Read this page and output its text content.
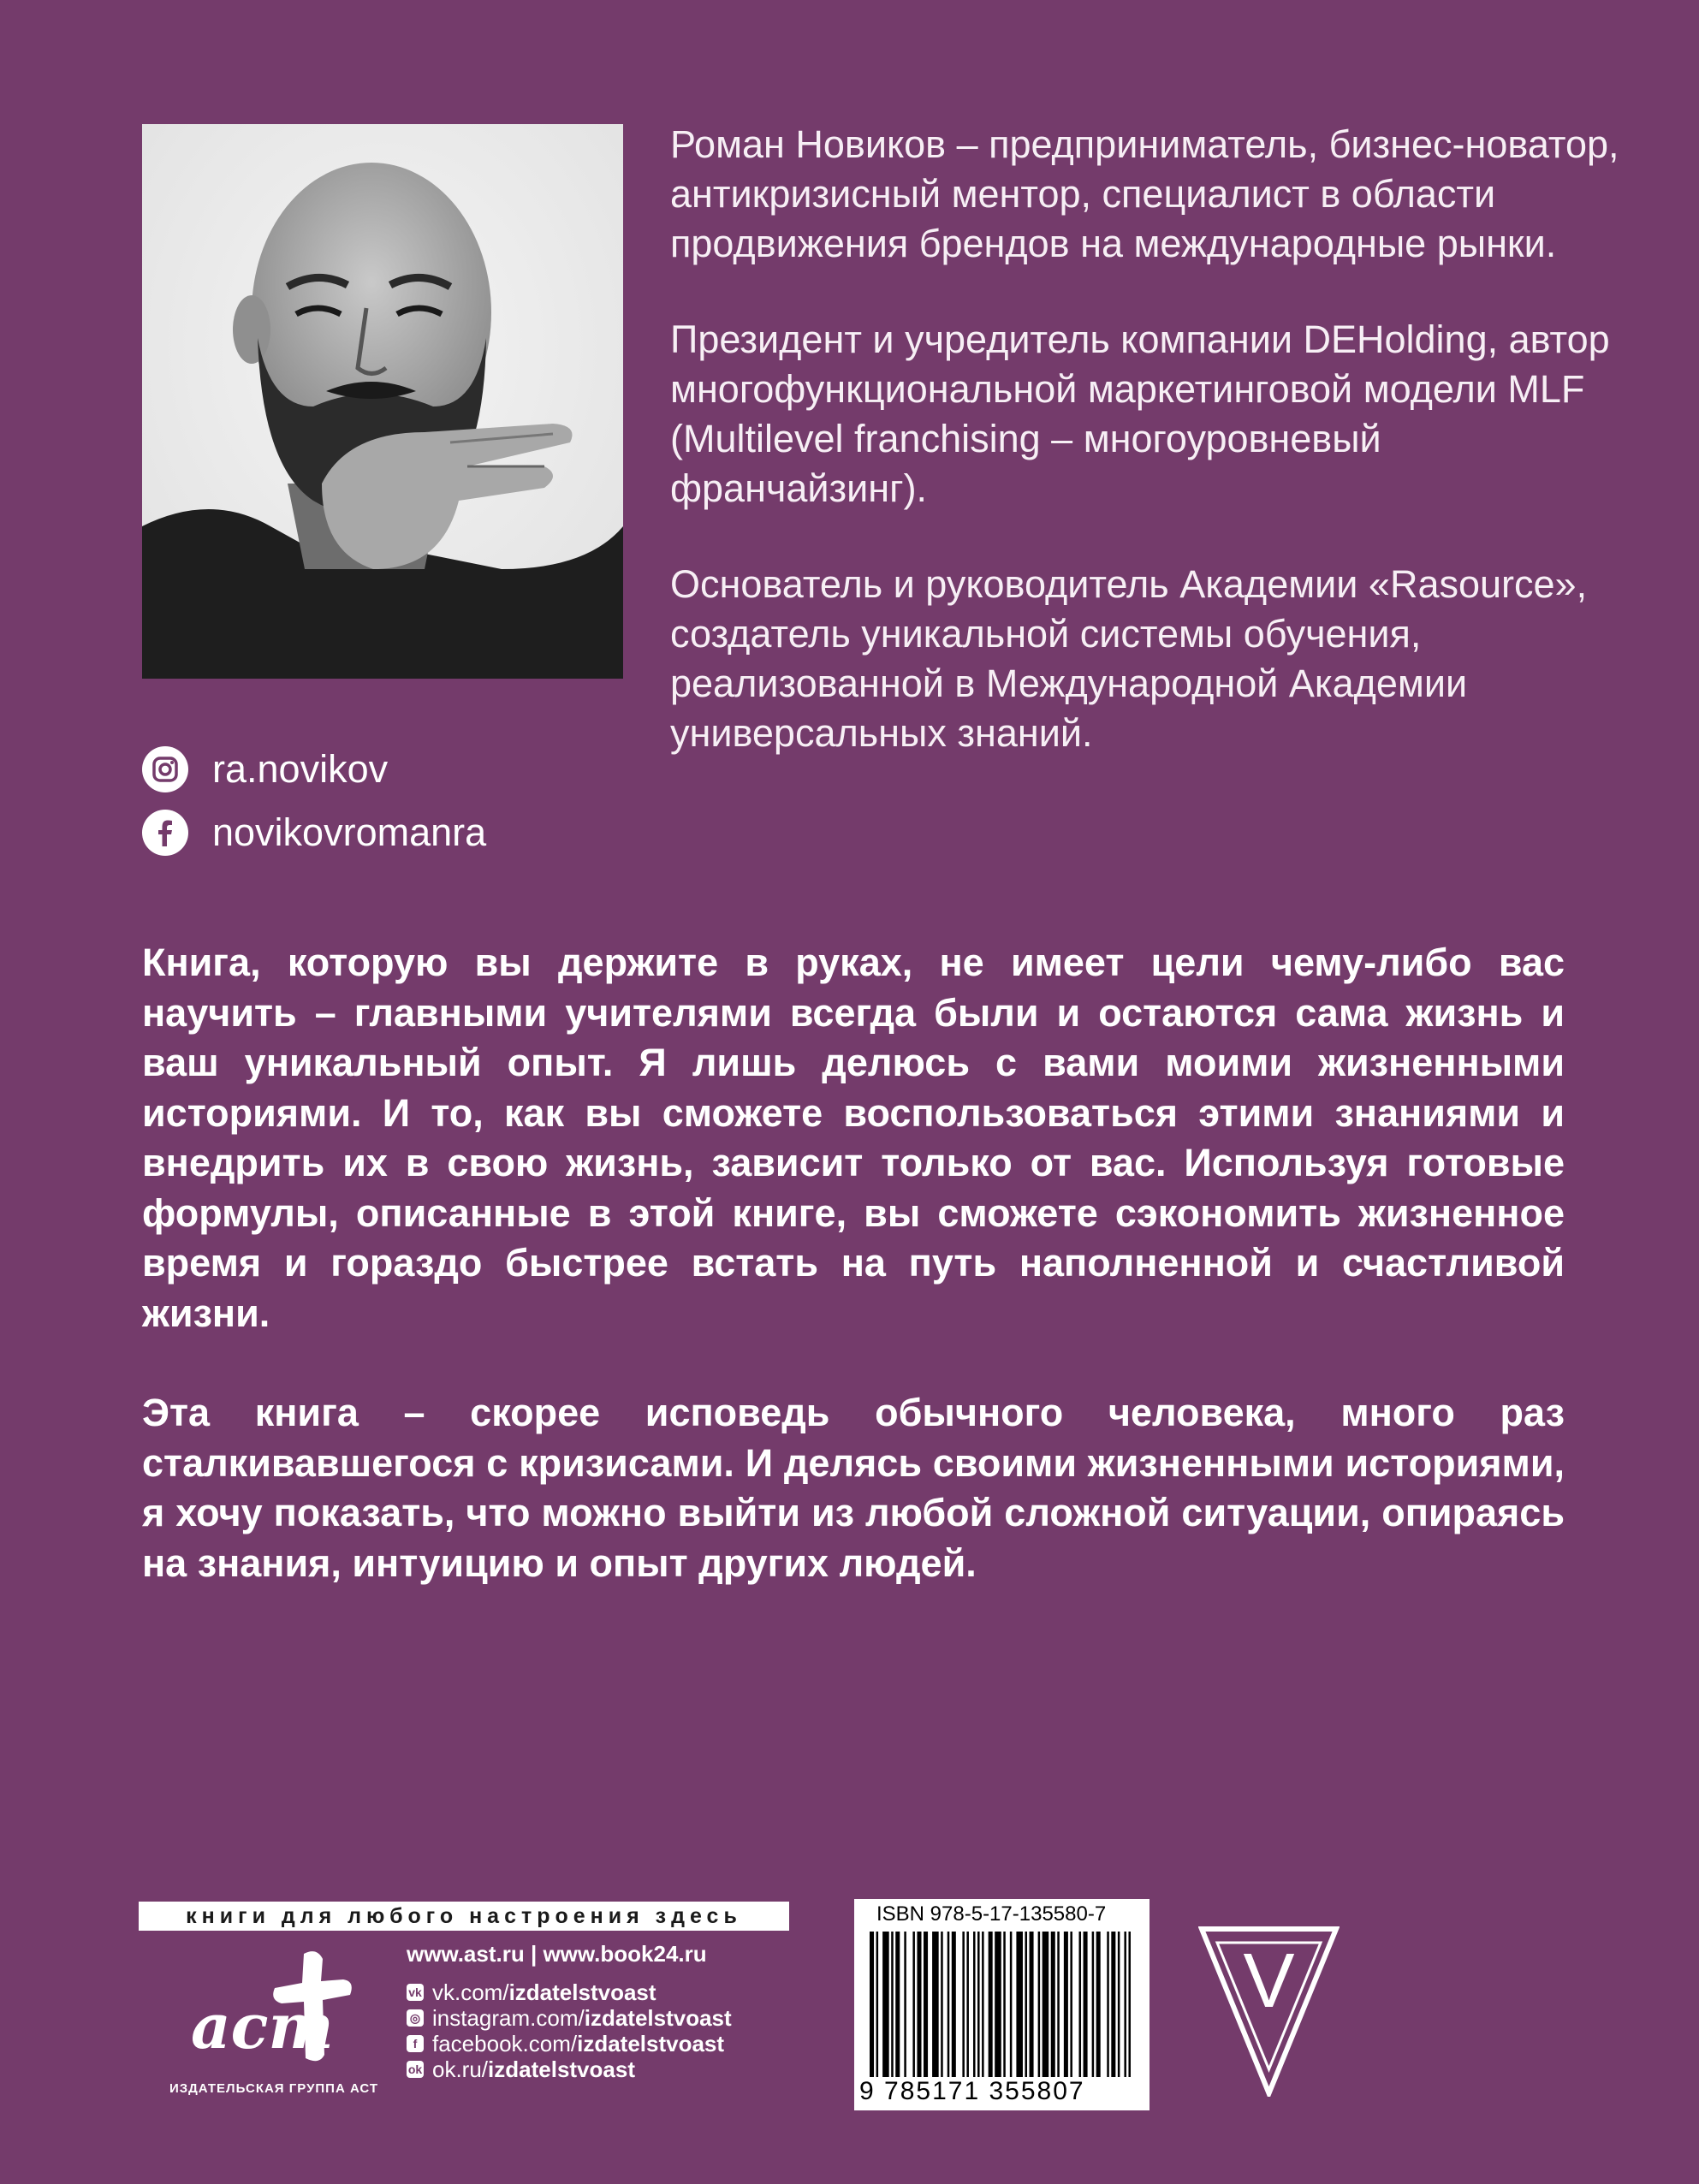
Роман Новиков – предприниматель, бизнес-новатор, антикризисный ментор, специалист в области продвижения брендов на международные рынки.

Президент и учредитель компании DEHolding, автор многофункциональной маркетинговой модели MLF (Multilevel franchising – многоуровневый франчайзинг).

Основатель и руководитель Академии «Rasource», создатель уникальной системы обучения, реализованной в Международной Академии универсальных знаний.

ra.novikov
novikovromanra

Книга, которую вы держите в руках, не имеет цели чему-либо вас научить – главными учителями всегда были и остаются сама жизнь и ваш уникальный опыт. Я лишь делюсь с вами моими жизненными историями. И то, как вы сможете воспользоваться этими знаниями и внедрить их в свою жизнь, зависит только от вас. Используя готовые формулы, описанные в этой книге, вы сможете сэкономить жизненное время и гораздо быстрее встать на путь наполненной и счастливой жизни.

Эта книга – скорее исповедь обычного человека, много раз сталкивавшегося с кризисами. И делясь своими жизненными историями, я хочу показать, что можно выйти из любой сложной ситуации, опираясь на знания, интуицию и опыт других людей.

книги для любого настроения здесь
аст
ИЗДАТЕЛЬСКАЯ ГРУППА АСТ
www.ast.ru | www.book24.ru
vk vk.com/ izdatelstvoast
◎ instagram.com/ izdatelstvoast
f facebook.com/ izdatelstvoast
ok ok.ru/ izdatelstvoast
ISBN 978-5-17-135580-7
9 785171 355807
V
